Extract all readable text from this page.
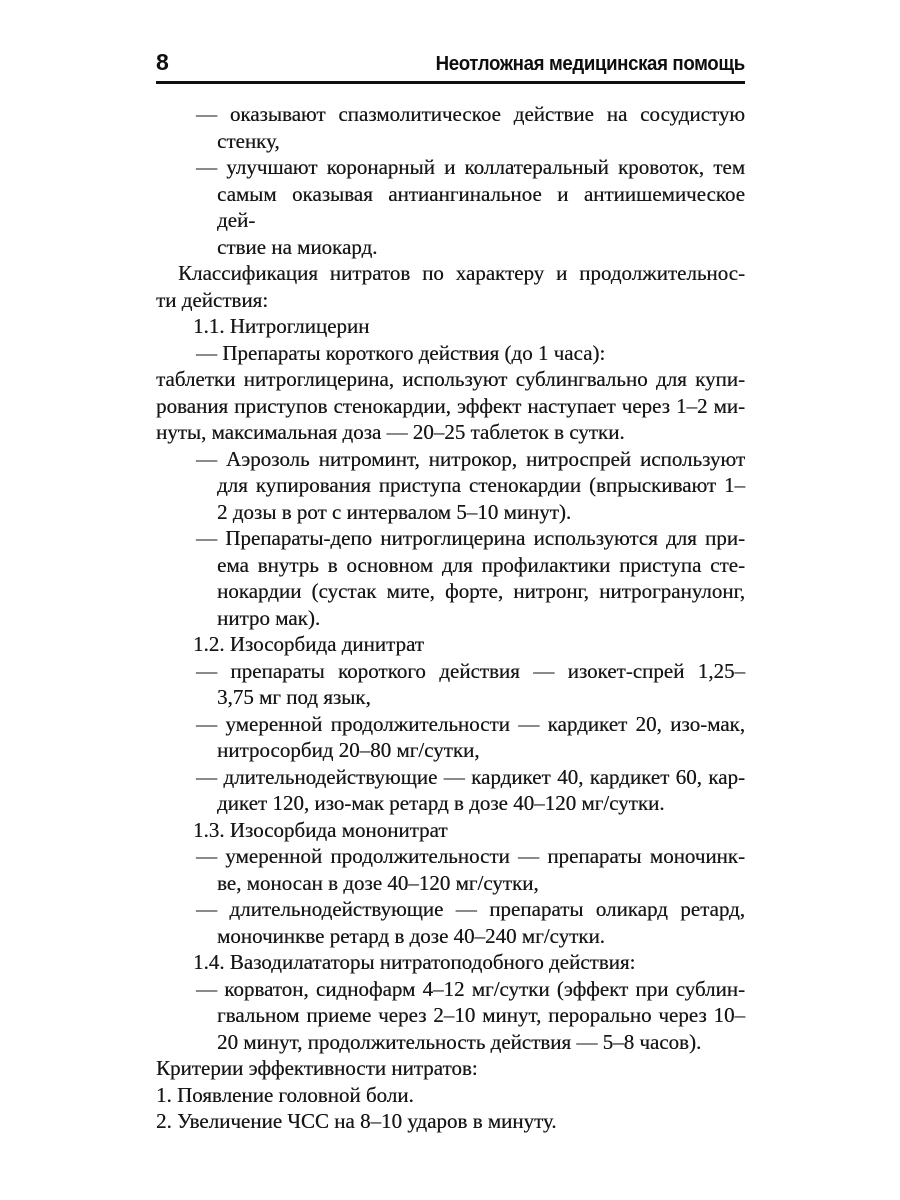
8	Неотложная медицинская помощь
— оказывают спазмолитическое действие на сосудистую
стенку,
— улучшают коронарный и коллатеральный кровоток, тем
самым оказывая антиангинальное и антиишемическое дей-
ствие на миокард.
Классификация нитратов по характеру и продолжительнос-
ти действия:
1.1. Нитроглицерин
— Препараты короткого действия (до 1 часа):
таблетки нитроглицерина, используют сублингвально для купи-
рования приступов стенокардии, эффект наступает через 1–2 ми-
нуты, максимальная доза — 20–25 таблеток в сутки.
— Аэрозоль нитроминт, нитрокор, нитроспрей используют
для купирования приступа стенокардии (впрыскивают 1–
2 дозы в рот с интервалом 5–10 минут).
— Препараты-депо нитроглицерина используются для при-
ема внутрь в основном для профилактики приступа сте-
нокардии (сустак мите, форте, нитронг, нитрогранулонг,
нитро мак).
1.2. Изосорбида динитрат
— препараты короткого действия — изокет-спрей 1,25–
3,75 мг под язык,
— умеренной продолжительности — кардикет 20, изо-мак,
нитросорбид 20–80 мг/сутки,
— длительнодействующие — кардикет 40, кардикет 60, кар-
дикет 120, изо-мак ретард в дозе 40–120 мг/сутки.
1.3. Изосорбида мононитрат
— умеренной продолжительности — препараты моночинк-
ве, моносан в дозе 40–120 мг/сутки,
— длительнодействующие — препараты оликард ретард,
моночинкве ретард в дозе 40–240 мг/сутки.
1.4. Вазодилататоры нитратоподобного действия:
— корватон, сиднофарм 4–12 мг/сутки (эффект при сублин-
гвальном приеме через 2–10 минут, перорально через 10–
20 минут, продолжительность действия — 5–8 часов).
Критерии эффективности нитратов:
1. Появление головной боли.
2. Увеличение ЧСС на 8–10 ударов в минуту.
